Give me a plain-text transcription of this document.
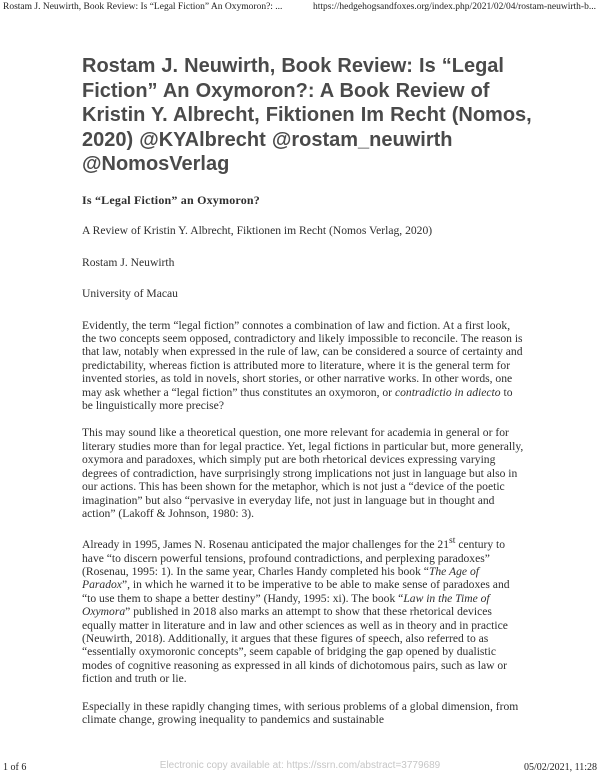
Rostam J. Neuwirth, Book Review: Is “Legal Fiction” An Oxymoron?: ...	https://hedgehogsandfoxes.org/index.php/2021/02/04/rostam-neuwirth-b...
Rostam J. Neuwirth, Book Review: Is “Legal Fiction” An Oxymoron?: A Book Review of Kristin Y. Albrecht, Fiktionen Im Recht (Nomos, 2020) @KYAlbrecht @rostam_neuwirth @NomosVerlag
Is “Legal Fiction” an Oxymoron?

A Review of Kristin Y. Albrecht, Fiktionen im Recht (Nomos Verlag, 2020)

Rostam J. Neuwirth

University of Macau

Evidently, the term “legal fiction” connotes a combination of law and fiction. At a first look, the two concepts seem opposed, contradictory and likely impossible to reconcile. The reason is that law, notably when expressed in the rule of law, can be considered a source of certainty and predictability, whereas fiction is attributed more to literature, where it is the general term for invented stories, as told in novels, short stories, or other narrative works. In other words, one may ask whether a “legal fiction” thus constitutes an oxymoron, or contradictio in adiecto to be linguistically more precise?

This may sound like a theoretical question, one more relevant for academia in general or for literary studies more than for legal practice. Yet, legal fictions in particular but, more generally, oxymora and paradoxes, which simply put are both rhetorical devices expressing varying degrees of contradiction, have surprisingly strong implications not just in language but also in our actions. This has been shown for the metaphor, which is not just a “device of the poetic imagination” but also “pervasive in everyday life, not just in language but in thought and action” (Lakoff & Johnson, 1980: 3).

Already in 1995, James N. Rosenau anticipated the major challenges for the 21st century to have “to discern powerful tensions, profound contradictions, and perplexing paradoxes” (Rosenau, 1995: 1). In the same year, Charles Handy completed his book “The Age of Paradox”, in which he warned it to be imperative to be able to make sense of paradoxes and “to use them to shape a better destiny” (Handy, 1995: xi). The book “Law in the Time of Oxymora” published in 2018 also marks an attempt to show that these rhetorical devices equally matter in literature and in law and other sciences as well as in theory and in practice (Neuwirth, 2018). Additionally, it argues that these figures of speech, also referred to as “essentially oxymoronic concepts”, seem capable of bridging the gap opened by dualistic modes of cognitive reasoning as expressed in all kinds of dichotomous pairs, such as law or fiction and truth or lie.

Especially in these rapidly changing times, with serious problems of a global dimension, from climate change, growing inequality to pandemics and sustainable

1 of 6	Electronic copy available at: https://ssrn.com/abstract=3779689	05/02/2021, 11:28
